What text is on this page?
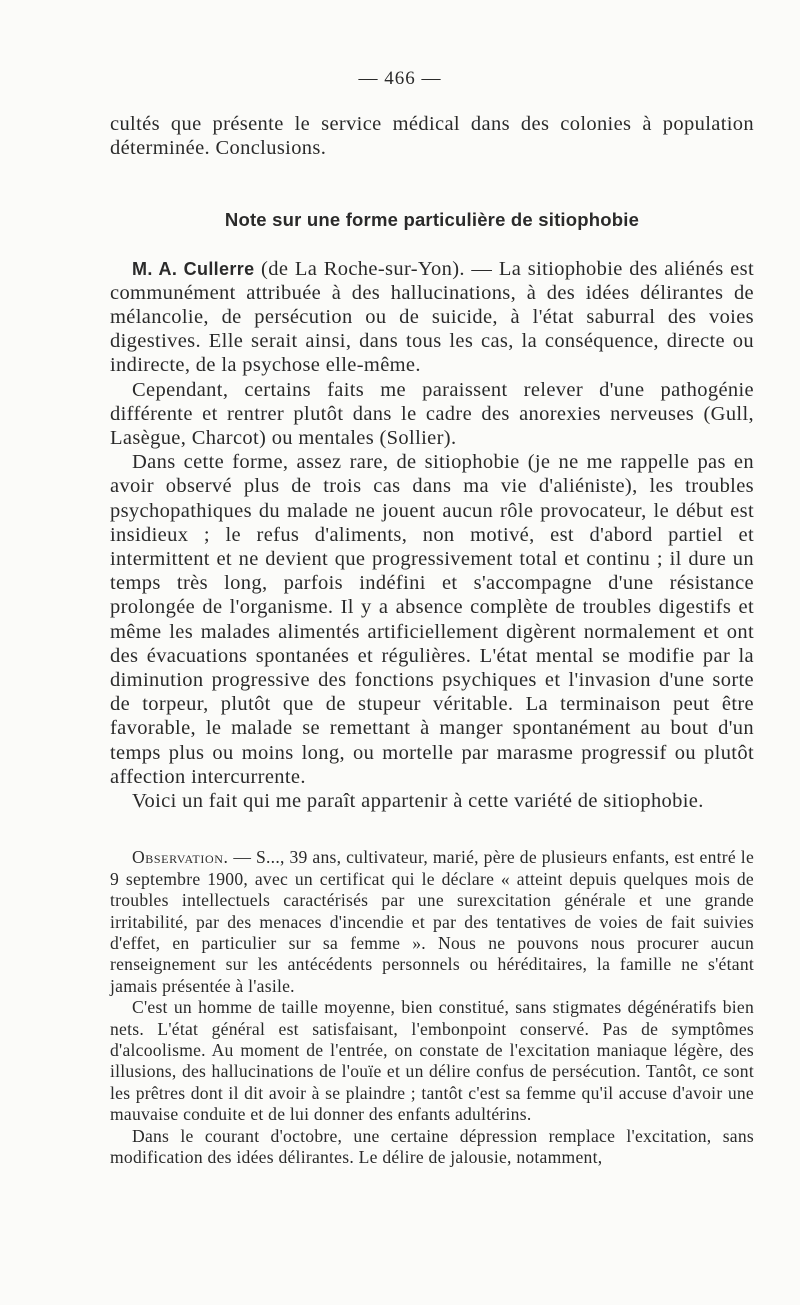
— 466 —

cultés que présente le service médical dans des colonies à population déterminée. Conclusions.

Note sur une forme particulière de sitiophobie

M. A. Cullerre (de La Roche-sur-Yon). — La sitiophobie des aliénés est communément attribuée à des hallucinations, à des idées délirantes de mélancolie, de persécution ou de suicide, à l'état saburral des voies digestives. Elle serait ainsi, dans tous les cas, la conséquence, directe ou indirecte, de la psychose elle-même.

Cependant, certains faits me paraissent relever d'une pathogénie différente et rentrer plutôt dans le cadre des anorexies nerveuses (Gull, Lasègue, Charcot) ou mentales (Sollier).

Dans cette forme, assez rare, de sitiophobie (je ne me rappelle pas en avoir observé plus de trois cas dans ma vie d'aliéniste), les troubles psychopathiques du malade ne jouent aucun rôle provocateur, le début est insidieux ; le refus d'aliments, non motivé, est d'abord partiel et intermittent et ne devient que progressivement total et continu ; il dure un temps très long, parfois indéfini et s'accompagne d'une résistance prolongée de l'organisme. Il y a absence complète de troubles digestifs et même les malades alimentés artificiellement digèrent normalement et ont des évacuations spontanées et régulières. L'état mental se modifie par la diminution progressive des fonctions psychiques et l'invasion d'une sorte de torpeur, plutôt que de stupeur véritable. La terminaison peut être favorable, le malade se remettant à manger spontanément au bout d'un temps plus ou moins long, ou mortelle par marasme progressif ou plutôt affection intercurrente.

Voici un fait qui me paraît appartenir à cette variété de sitiophobie.

Observation. — S..., 39 ans, cultivateur, marié, père de plusieurs enfants, est entré le 9 septembre 1900, avec un certificat qui le déclare « atteint depuis quelques mois de troubles intellectuels caractérisés par une surexcitation générale et une grande irritabilité, par des menaces d'incendie et par des tentatives de voies de fait suivies d'effet, en particulier sur sa femme ». Nous ne pouvons nous procurer aucun renseignement sur les antécédents personnels ou héréditaires, la famille ne s'étant jamais présentée à l'asile.

C'est un homme de taille moyenne, bien constitué, sans stigmates dégénératifs bien nets. L'état général est satisfaisant, l'embonpoint conservé. Pas de symptômes d'alcoolisme. Au moment de l'entrée, on constate de l'excitation maniaque légère, des illusions, des hallucinations de l'ouïe et un délire confus de persécution. Tantôt, ce sont les prêtres dont il dit avoir à se plaindre ; tantôt c'est sa femme qu'il accuse d'avoir une mauvaise conduite et de lui donner des enfants adultérins.

Dans le courant d'octobre, une certaine dépression remplace l'excitation, sans modification des idées délirantes. Le délire de jalousie, notamment,
